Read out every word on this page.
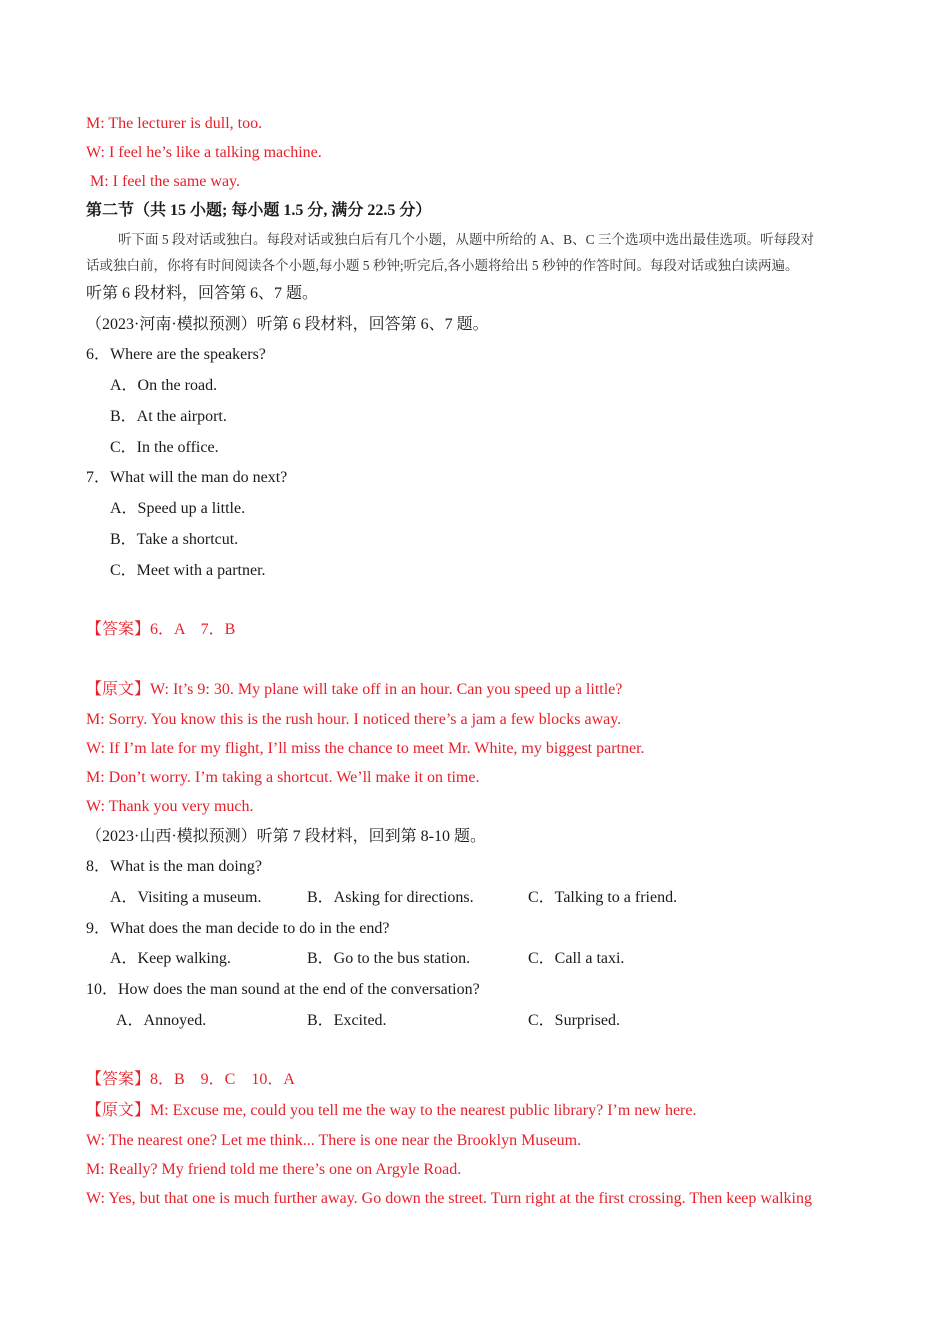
M: The lecturer is dull, too.
W: I feel he’s like a talking machine.
M: I feel the same way.
第二节（共 15 小题; 每小题 1.5 分, 满分 22.5 分）
听下面 5 段对话或独白。每段对话或独白后有几个小题，从题中所给的 A、B、C 三个选项中选出最佳选项。听每段对
话或独白前，你将有时间阅读各个小题,每小题 5 秒钟;听完后,各小题将给出 5 秒钟的作答时间。每段对话或独白读两遍。
听第 6 段材料，回答第 6、7 题。
（2023·河南·模拟预测）听第 6 段材料，回答第 6、7 题。
6．Where are the speakers?
A．On the road.
B．At the airport.
C．In the office.
7．What will the man do next?
A．Speed up a little.
B．Take a shortcut.
C．Meet with a partner.
【答案】6．A　7．B
【原文】W: It’s 9: 30. My plane will take off in an hour. Can you speed up a little?
M: Sorry. You know this is the rush hour. I noticed there’s a jam a few blocks away.
W: If I’m late for my flight, I’ll miss the chance to meet Mr. White, my biggest partner.
M: Don’t worry. I’m taking a shortcut. We’ll make it on time.
W: Thank you very much.
（2023·山西·模拟预测）听第 7 段材料，回到第 8-10 题。
8．What is the man doing?
A．Visiting a museum.	B．Asking for directions.	C．Talking to a friend.
9．What does the man decide to do in the end?
A．Keep walking.	B．Go to the bus station.	C．Call a taxi.
10．How does the man sound at the end of the conversation?
A．Annoyed.	B．Excited.	C．Surprised.
【答案】8．B　9．C　10．A
【原文】M: Excuse me, could you tell me the way to the nearest public library? I’m new here.
W: The nearest one? Let me think... There is one near the Brooklyn Museum.
M: Really? My friend told me there’s one on Argyle Road.
W: Yes, but that one is much further away. Go down the street. Turn right at the first crossing. Then keep walking
